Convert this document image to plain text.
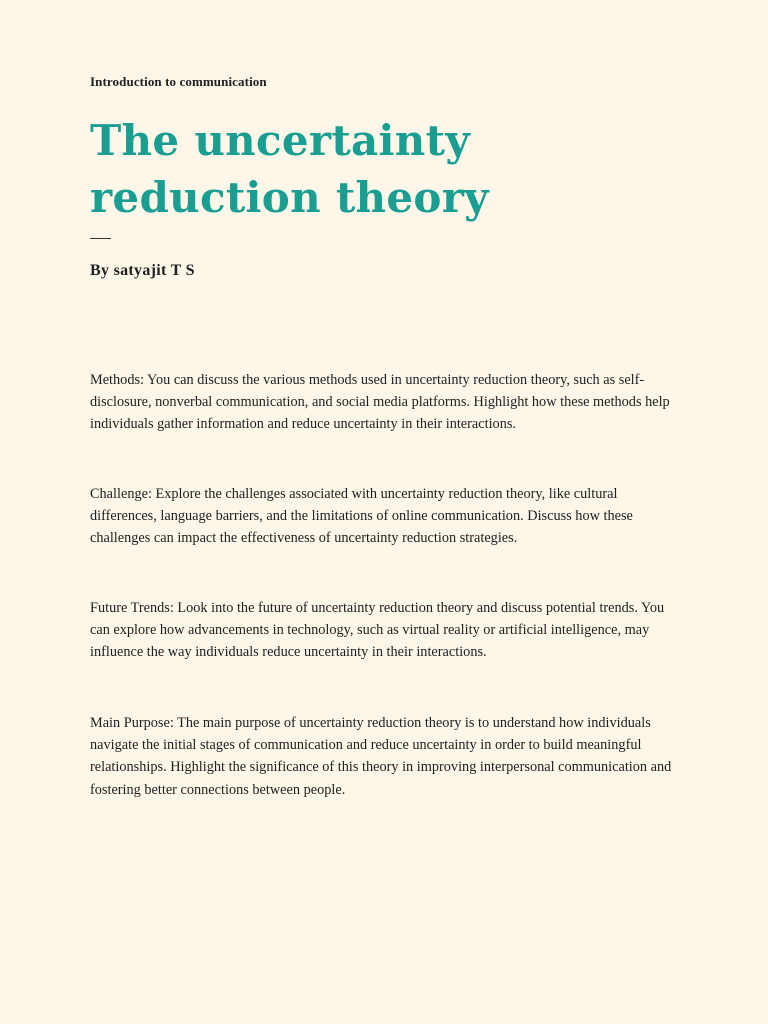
Introduction to communication
The uncertainty reduction theory
By satyajit T S

Methods: You can discuss the various methods used in uncertainty reduction theory, such as self-disclosure, nonverbal communication, and social media platforms. Highlight how these methods help individuals gather information and reduce uncertainty in their interactions.

Challenge: Explore the challenges associated with uncertainty reduction theory, like cultural differences, language barriers, and the limitations of online communication. Discuss how these challenges can impact the effectiveness of uncertainty reduction strategies.

Future Trends: Look into the future of uncertainty reduction theory and discuss potential trends. You can explore how advancements in technology, such as virtual reality or artificial intelligence, may influence the way individuals reduce uncertainty in their interactions.

Main Purpose: The main purpose of uncertainty reduction theory is to understand how individuals navigate the initial stages of communication and reduce uncertainty in order to build meaningful relationships. Highlight the significance of this theory in improving interpersonal communication and fostering better connections between people.
